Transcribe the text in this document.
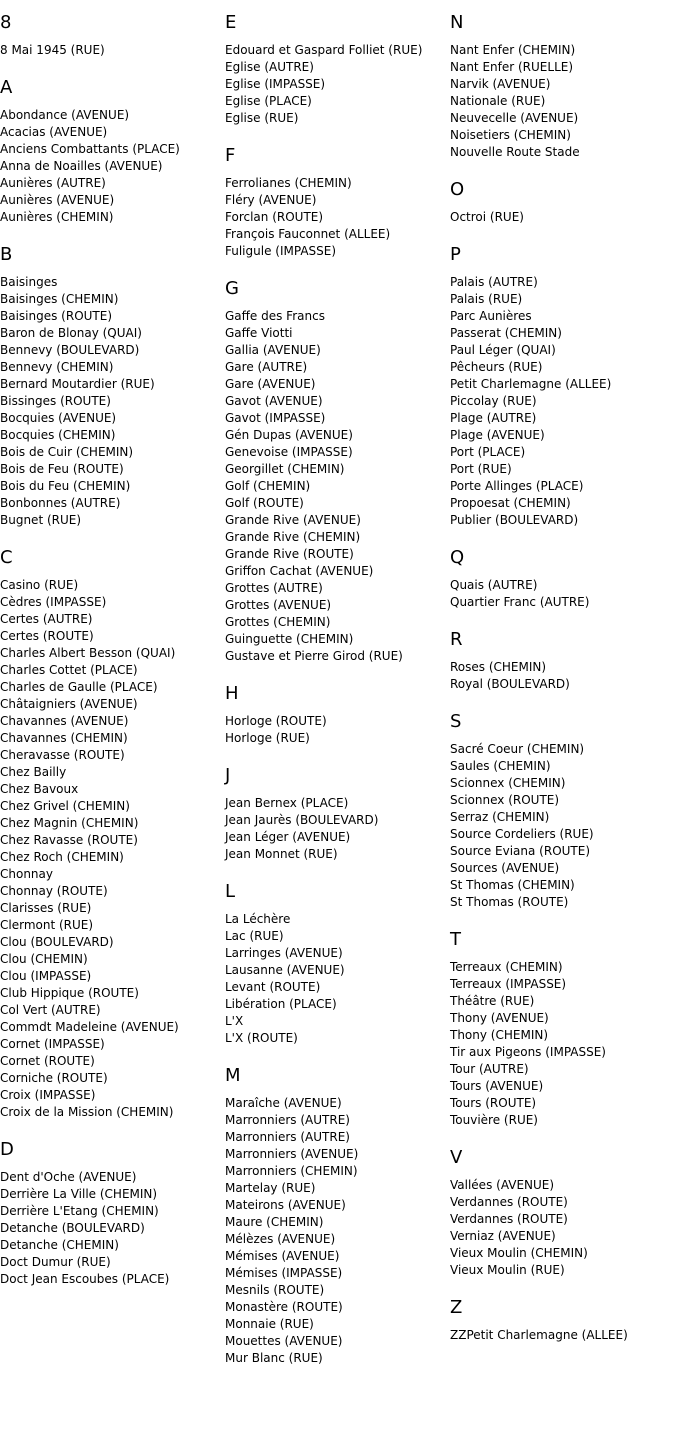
8
8 Mai 1945 (RUE)
A
Abondance (AVENUE)
Acacias (AVENUE)
Anciens Combattants (PLACE)
Anna de Noailles (AVENUE)
Aunières (AUTRE)
Aunières (AVENUE)
Aunières (CHEMIN)
B
Baisinges
Baisinges (CHEMIN)
Baisinges (ROUTE)
Baron de Blonay (QUAI)
Bennevy (BOULEVARD)
Bennevy (CHEMIN)
Bernard Moutardier (RUE)
Bissinges (ROUTE)
Bocquies (AVENUE)
Bocquies (CHEMIN)
Bois de Cuir (CHEMIN)
Bois de Feu (ROUTE)
Bois du Feu (CHEMIN)
Bonbonnes (AUTRE)
Bugnet (RUE)
C
Casino (RUE)
Cèdres (IMPASSE)
Certes (AUTRE)
Certes (ROUTE)
Charles Albert Besson (QUAI)
Charles Cottet (PLACE)
Charles de Gaulle (PLACE)
Châtaigniers (AVENUE)
Chavannes (AVENUE)
Chavannes (CHEMIN)
Cheravasse (ROUTE)
Chez Bailly
Chez Bavoux
Chez Grivel (CHEMIN)
Chez Magnin (CHEMIN)
Chez Ravasse (ROUTE)
Chez Roch (CHEMIN)
Chonnay
Chonnay (ROUTE)
Clarisses (RUE)
Clermont (RUE)
Clou (BOULEVARD)
Clou (CHEMIN)
Clou (IMPASSE)
Club Hippique (ROUTE)
Col Vert (AUTRE)
Commdt Madeleine (AVENUE)
Cornet (IMPASSE)
Cornet (ROUTE)
Corniche (ROUTE)
Croix (IMPASSE)
Croix de la Mission (CHEMIN)
D
Dent d'Oche (AVENUE)
Derrière La Ville (CHEMIN)
Derrière L'Etang (CHEMIN)
Detanche (BOULEVARD)
Detanche (CHEMIN)
Doct Dumur (RUE)
Doct Jean Escoubes (PLACE)
E
Edouard et Gaspard Folliet (RUE)
Eglise (AUTRE)
Eglise (IMPASSE)
Eglise (PLACE)
Eglise (RUE)
F
Ferrolianes (CHEMIN)
Fléry (AVENUE)
Forclan (ROUTE)
François Fauconnet (ALLEE)
Fuligule (IMPASSE)
G
Gaffe des Francs
Gaffe Viotti
Gallia (AVENUE)
Gare (AUTRE)
Gare (AVENUE)
Gavot (AVENUE)
Gavot (IMPASSE)
Gén Dupas (AVENUE)
Genevoise (IMPASSE)
Georgillet (CHEMIN)
Golf (CHEMIN)
Golf (ROUTE)
Grande Rive (AVENUE)
Grande Rive (CHEMIN)
Grande Rive (ROUTE)
Griffon Cachat (AVENUE)
Grottes (AUTRE)
Grottes (AVENUE)
Grottes (CHEMIN)
Guinguette (CHEMIN)
Gustave et Pierre Girod (RUE)
H
Horloge (ROUTE)
Horloge (RUE)
J
Jean Bernex (PLACE)
Jean Jaurès (BOULEVARD)
Jean Léger (AVENUE)
Jean Monnet (RUE)
L
La Léchère
Lac (RUE)
Larringes (AVENUE)
Lausanne (AVENUE)
Levant (ROUTE)
Libération (PLACE)
L'X
L'X (ROUTE)
M
Maraîche (AVENUE)
Marronniers (AUTRE)
Marronniers (AUTRE)
Marronniers (AVENUE)
Marronniers (CHEMIN)
Martelay (RUE)
Mateirons (AVENUE)
Maure (CHEMIN)
Mélèzes (AVENUE)
Mémises (AVENUE)
Mémises (IMPASSE)
Mesnils (ROUTE)
Monastère (ROUTE)
Monnaie (RUE)
Mouettes (AVENUE)
Mur Blanc (RUE)
N
Nant Enfer (CHEMIN)
Nant Enfer (RUELLE)
Narvik (AVENUE)
Nationale (RUE)
Neuvecelle (AVENUE)
Noisetiers (CHEMIN)
Nouvelle Route Stade
O
Octroi (RUE)
P
Palais (AUTRE)
Palais (RUE)
Parc Aunières
Passerat (CHEMIN)
Paul Léger (QUAI)
Pêcheurs (RUE)
Petit Charlemagne (ALLEE)
Piccolay (RUE)
Plage (AUTRE)
Plage (AVENUE)
Port (PLACE)
Port (RUE)
Porte Allinges (PLACE)
Propoesat (CHEMIN)
Publier (BOULEVARD)
Q
Quais (AUTRE)
Quartier Franc (AUTRE)
R
Roses (CHEMIN)
Royal (BOULEVARD)
S
Sacré Coeur (CHEMIN)
Saules (CHEMIN)
Scionnex (CHEMIN)
Scionnex (ROUTE)
Serraz (CHEMIN)
Source Cordeliers (RUE)
Source Eviana (ROUTE)
Sources (AVENUE)
St Thomas (CHEMIN)
St Thomas (ROUTE)
T
Terreaux (CHEMIN)
Terreaux (IMPASSE)
Théâtre (RUE)
Thony (AVENUE)
Thony (CHEMIN)
Tir aux Pigeons (IMPASSE)
Tour (AUTRE)
Tours (AVENUE)
Tours (ROUTE)
Touvière (RUE)
V
Vallées (AVENUE)
Verdannes (ROUTE)
Verdannes (ROUTE)
Verniaz (AVENUE)
Vieux Moulin (CHEMIN)
Vieux Moulin (RUE)
Z
ZZPetit Charlemagne (ALLEE)
